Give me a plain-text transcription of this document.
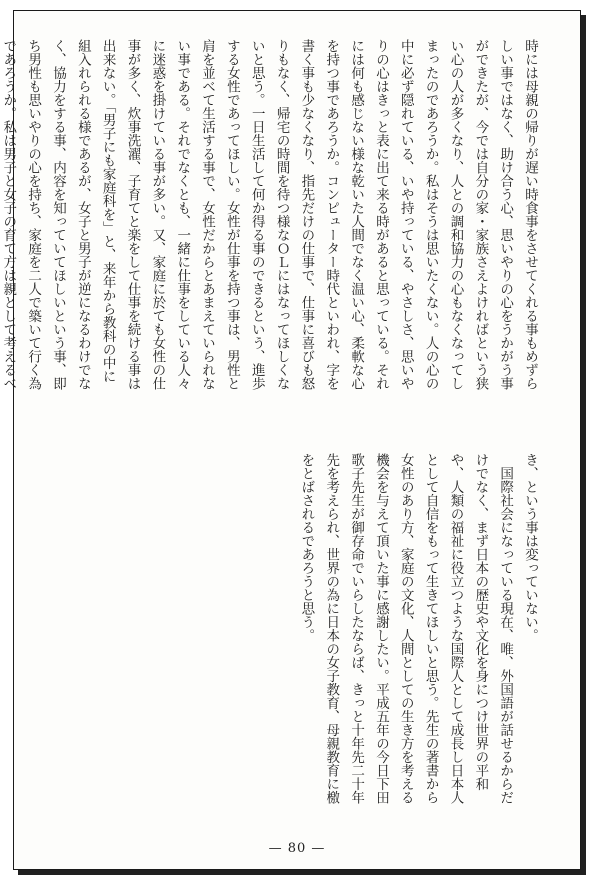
時には母親の帰りが遅い時食事をさせてくれる事もめずら
しい事ではなく、助け合う心、思いやりの心をうかがう事
ができたが、今では自分の家・家族さえよければという狭
い心の人が多くなり、人との調和協力の心もなくなってし
まったのであろうか。私はそうは思いたくない。人の心の
中に必ず隠れている、いや持っている、やさしさ、思いや
りの心はきっと表に出て来る時があると思っている。それ
には何も感じない様な乾いた人間でなく温い心、柔軟な心
を持つ事であろうか。コンピューター時代といわれ、字を
書く事も少なくなり、指先だけの仕事で、仕事に喜びも怒
りもなく、帰宅の時間を待つ様なＯＬにはなってほしくな
いと思う。一日生活して何か得る事のできるという、進歩
する女性であってほしい。女性が仕事を持つ事は、男性と
肩を並べて生活する事で、女性だからとあまえていられな
い事である。それでなくとも、一緒に仕事をしている人々
に迷惑を掛けている事が多い。又、家庭に於ても女性の仕
事が多く、炊事洗濯、子育てと楽をして仕事を続ける事は
出来ない。「男子にも家庭科を」と、来年から教科の中に
組入れられる様であるが、女子と男子が逆になるわけでな
く、協力をする事、内容を知っていてほしいという事、即
ち男性も思いやりの心を持ち、家庭を二人で築いて行く為
であろうか。私は男子と女子の育て方は親として考えるべ
き、という事は変っていない。
　国際社会になっている現在、唯、外国語が話せるからだ
けでなく、まず日本の歴史や文化を身につけ世界の平和
や、人類の福祉に役立つような国際人として成長し日本人
として自信をもって生きてほしいと思う。先生の著書から
女性のあり方、家庭の文化、人間としての生き方を考える
機会を与えて頂いた事に感謝したい。平成五年の今日下田
歌子先生が御存命でいらしたならば、きっと十年先二十年
先を考えられ、世界の為に日本の女子教育、母親教育に檄
をとばされるであろうと思う。
— 80 —
